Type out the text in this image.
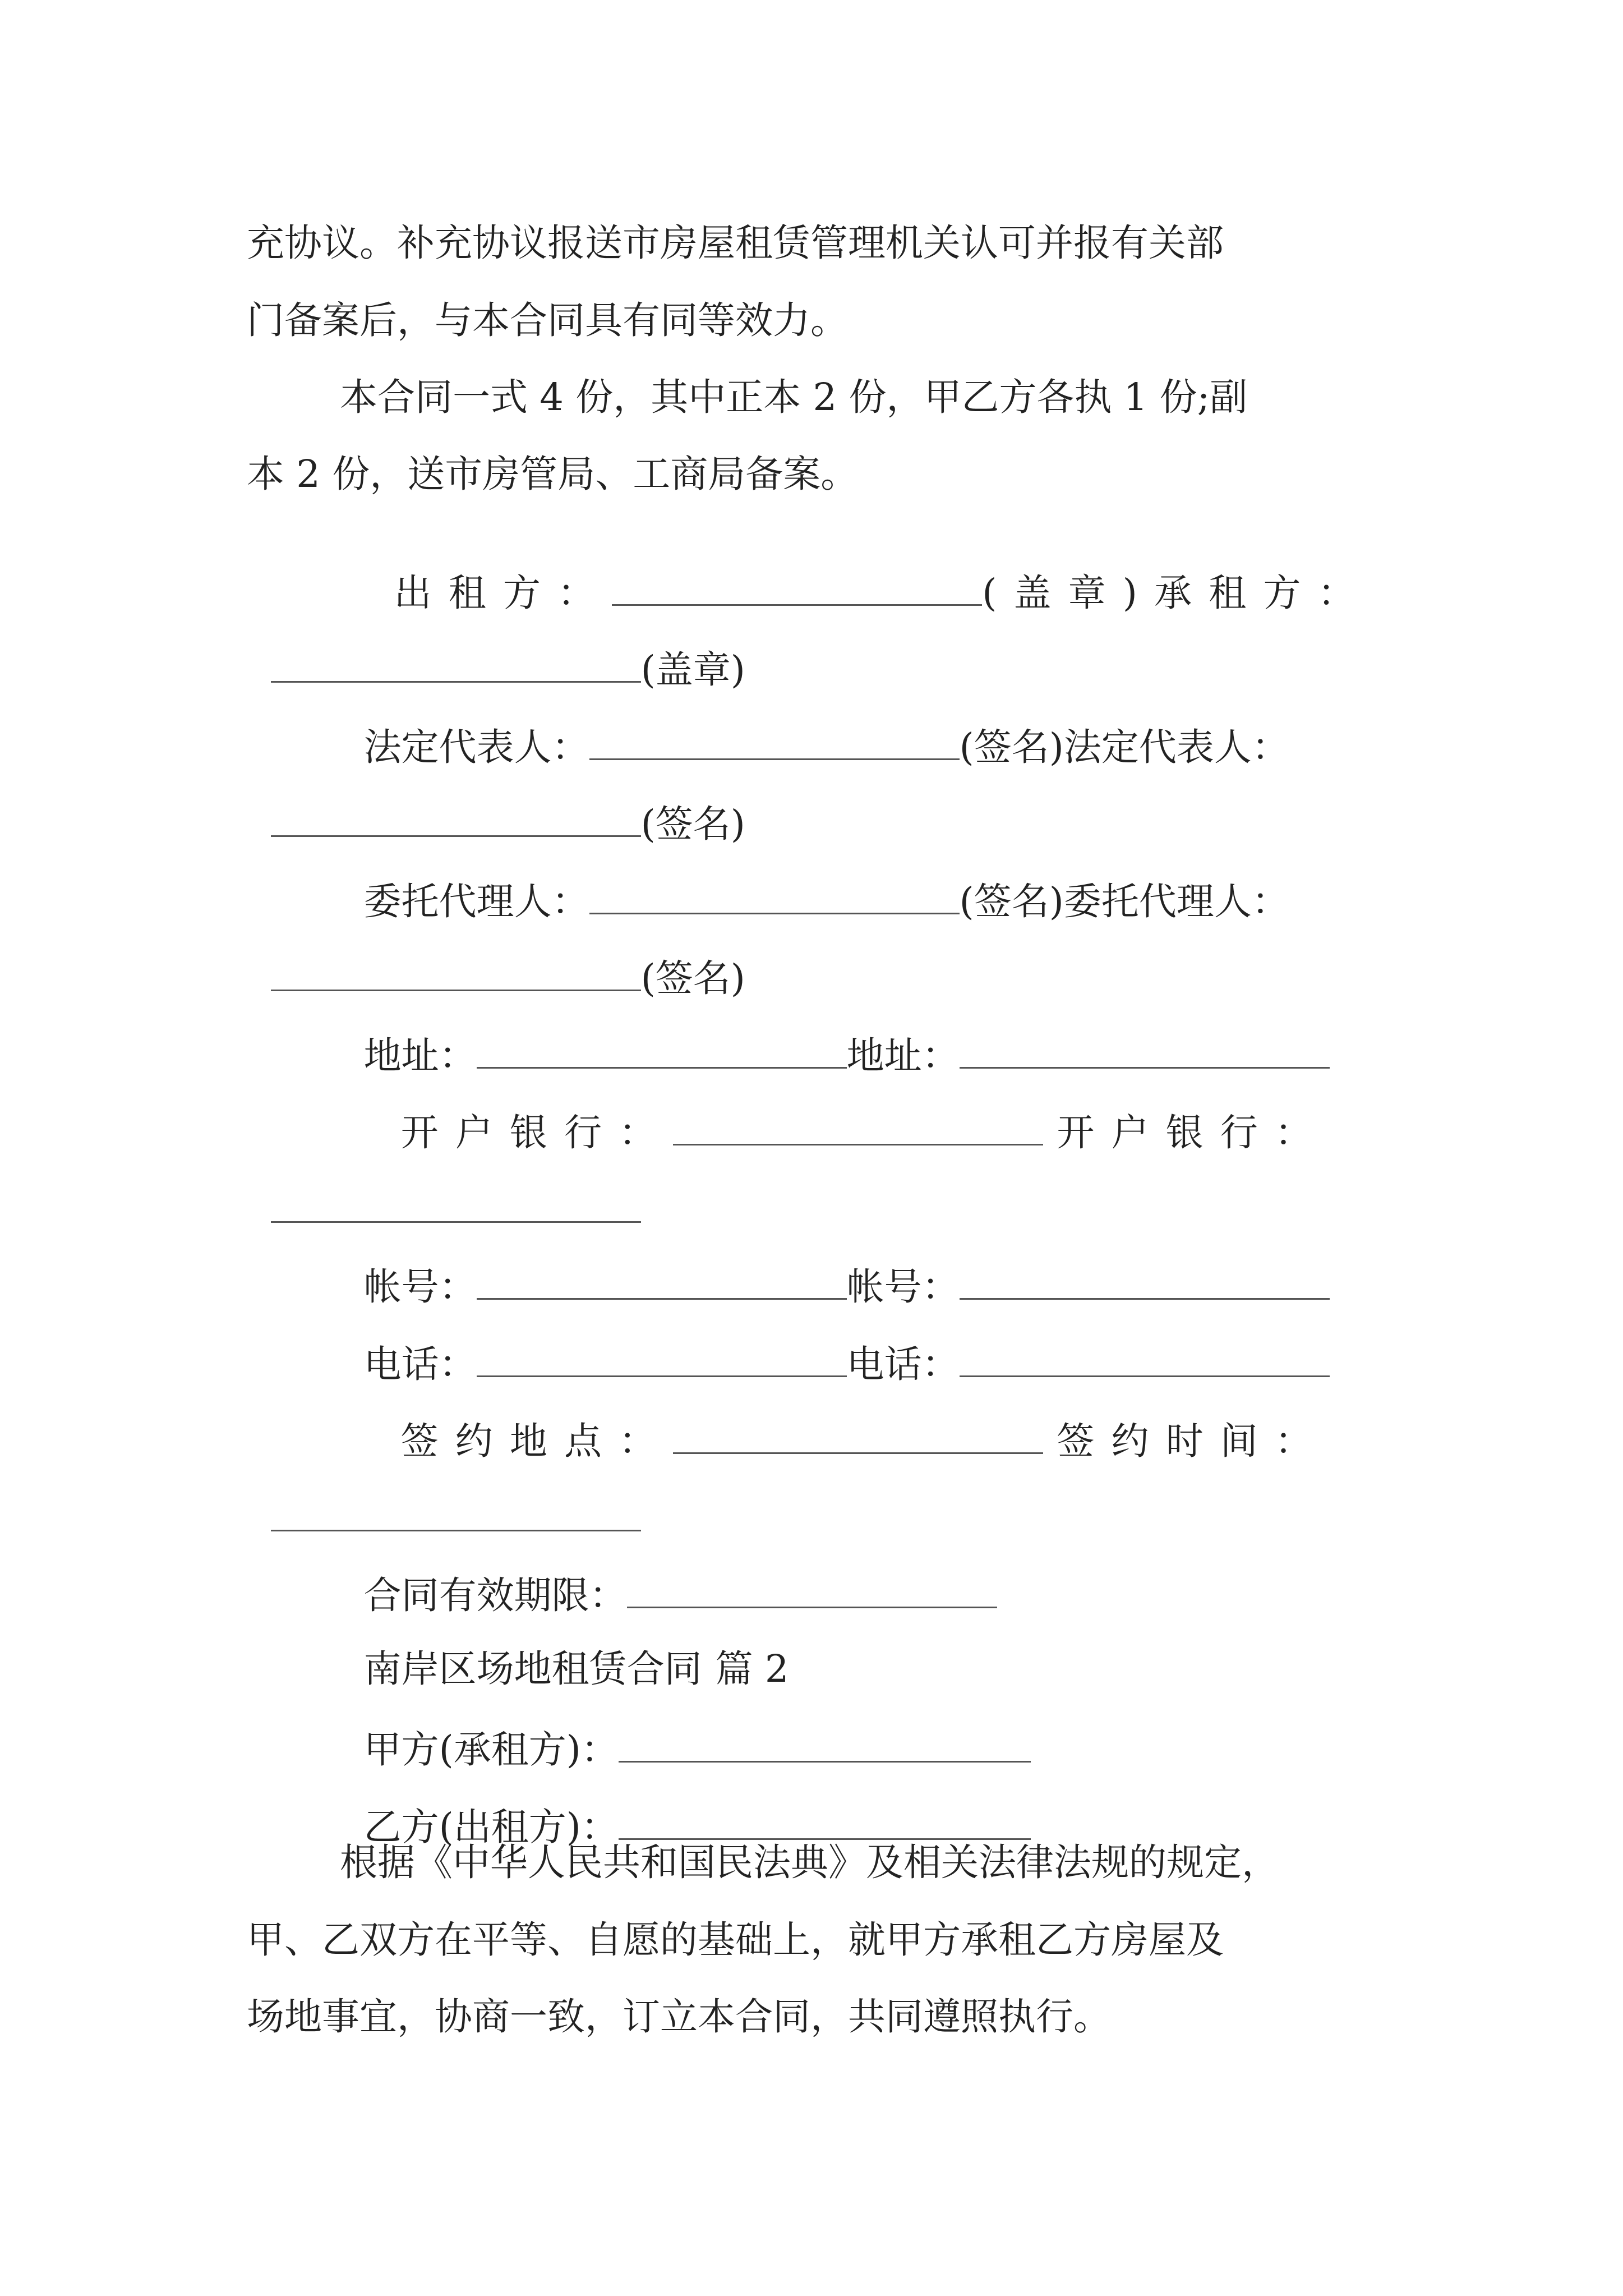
充协议。补充协议报送市房屋租赁管理机关认可并报有关部

门备案后，与本合同具有同等效力。

本合同一式 4 份，其中正本 2 份，甲乙方各执 1 份;副

本 2 份，送市房管局、工商局备案。

出租方：	(盖章)承租方：

(盖章)

法定代表人：	(签名)法定代表人：

(签名)

委托代理人：	(签名)委托代理人：

(签名)

地址：	地址：

开户银行：	开户银行：

帐号：	帐号：

电话：	电话：

签约地点：	签约时间：

合同有效期限：

南岸区场地租赁合同 篇 2

甲方(承租方)：

乙方(出租方)：

根据《中华人民共和国民法典》及相关法律法规的规定，

甲、乙双方在平等、自愿的基础上，就甲方承租乙方房屋及

场地事宜，协商一致，订立本合同，共同遵照执行。
